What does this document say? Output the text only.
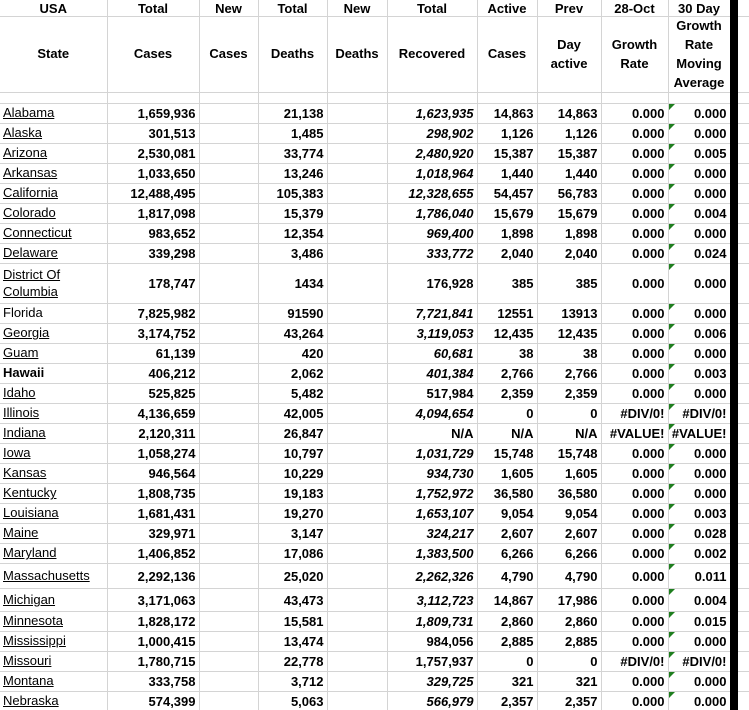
USA	Total	New	Total	New	Total	Active	Prev	28-Oct	30 Day	
State	Cases	Cases	Deaths	Deaths	Recovered	Cases	Day active	Growth Rate	Growth Rate Moving Average	

Alabama	1,659,936		21,138		1,623,935	14,863	14,863	0.000	0.000	
Alaska	301,513		1,485		298,902	1,126	1,126	0.000	0.000	
Arizona	2,530,081		33,774		2,480,920	15,387	15,387	0.000	0.005	
Arkansas	1,033,650		13,246		1,018,964	1,440	1,440	0.000	0.000	
California	12,488,495		105,383		12,328,655	54,457	56,783	0.000	0.000	
Colorado	1,817,098		15,379		1,786,040	15,679	15,679	0.000	0.004	
Connecticut	983,652		12,354		969,400	1,898	1,898	0.000	0.000	
Delaware	339,298		3,486		333,772	2,040	2,040	0.000	0.024	
District Of Columbia	178,747		1434		176,928	385	385	0.000	0.000	
Florida	7,825,982		91590		7,721,841	12551	13913	0.000	0.000	
Georgia	3,174,752		43,264		3,119,053	12,435	12,435	0.000	0.006	
Guam	61,139		420		60,681	38	38	0.000	0.000	
Hawaii	406,212		2,062		401,384	2,766	2,766	0.000	0.003	
Idaho	525,825		5,482		517,984	2,359	2,359	0.000	0.000	
Illinois	4,136,659		42,005		4,094,654	0	0	#DIV/0!	#DIV/0!	
Indiana	2,120,311		26,847		N/A	N/A	N/A	#VALUE!	#VALUE!	
Iowa	1,058,274		10,797		1,031,729	15,748	15,748	0.000	0.000	
Kansas	946,564		10,229		934,730	1,605	1,605	0.000	0.000	
Kentucky	1,808,735		19,183		1,752,972	36,580	36,580	0.000	0.000	
Louisiana	1,681,431		19,270		1,653,107	9,054	9,054	0.000	0.003	
Maine	329,971		3,147		324,217	2,607	2,607	0.000	0.028	
Maryland	1,406,852		17,086		1,383,500	6,266	6,266	0.000	0.002	
Massachusetts	2,292,136		25,020		2,262,326	4,790	4,790	0.000	0.011	
Michigan	3,171,063		43,473		3,112,723	14,867	17,986	0.000	0.004	
Minnesota	1,828,172		15,581		1,809,731	2,860	2,860	0.000	0.015	
Mississippi	1,000,415		13,474		984,056	2,885	2,885	0.000	0.000	
Missouri	1,780,715		22,778		1,757,937	0	0	#DIV/0!	#DIV/0!	
Montana	333,758		3,712		329,725	321	321	0.000	0.000	
Nebraska	574,399		5,063		566,979	2,357	2,357	0.000	0.000	
